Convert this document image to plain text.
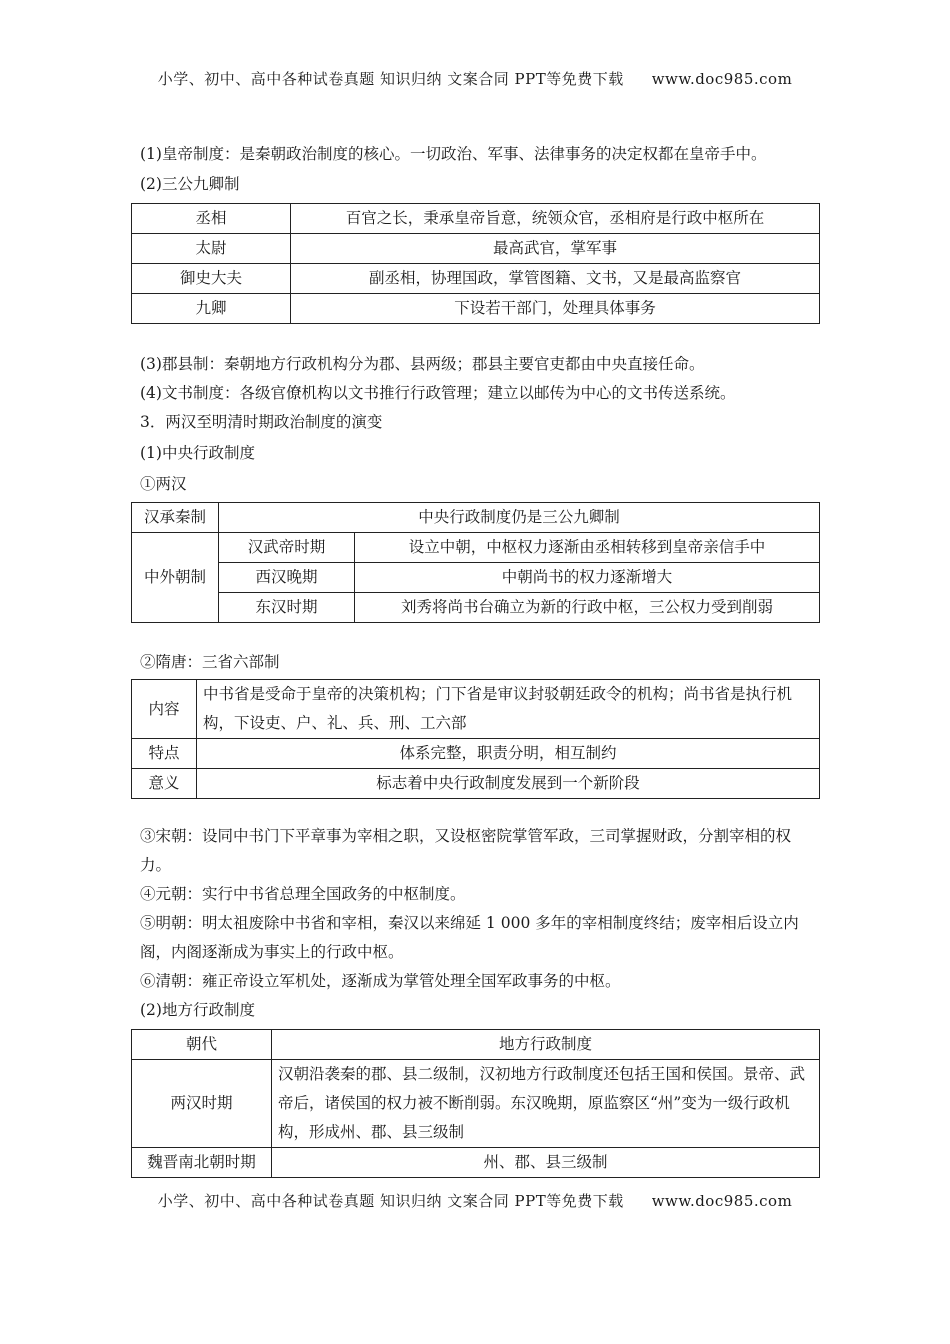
小学、初中、高中各种试卷真题 知识归纳 文案合同 PPT等免费下载 www.doc985.com

(1)皇帝制度：是秦朝政治制度的核心。一切政治、军事、法律事务的决定权都在皇帝手中。

(2)三公九卿制

丞相	百官之长，秉承皇帝旨意，统领众官，丞相府是行政中枢所在
太尉	最高武官，掌军事
御史大夫	副丞相，协理国政，掌管图籍、文书，又是最高监察官
九卿	下设若干部门，处理具体事务

(3)郡县制：秦朝地方行政机构分为郡、县两级；郡县主要官吏都由中央直接任命。

(4)文书制度：各级官僚机构以文书推行行政管理；建立以邮传为中心的文书传送系统。

3．两汉至明清时期政治制度的演变

(1)中央行政制度

①两汉

汉承秦制	中央行政制度仍是三公九卿制	
中外朝制	汉武帝时期	设立中朝，中枢权力逐渐由丞相转移到皇帝亲信手中
	西汉晚期	中朝尚书的权力逐渐增大
	东汉时期	刘秀将尚书台确立为新的行政中枢，三公权力受到削弱

②隋唐：三省六部制

内容	中书省是受命于皇帝的决策机构；门下省是审议封驳朝廷政令的机构；尚书省是执行机构，下设吏、户、礼、兵、刑、工六部
特点	体系完整，职责分明，相互制约
意义	标志着中央行政制度发展到一个新阶段

③宋朝：设同中书门下平章事为宰相之职，又设枢密院掌管军政，三司掌握财政，分割宰相的权力。

④元朝：实行中书省总理全国政务的中枢制度。

⑤明朝：明太祖废除中书省和宰相，秦汉以来绵延 1 000 多年的宰相制度终结；废宰相后设立内阁，内阁逐渐成为事实上的行政中枢。

⑥清朝：雍正帝设立军机处，逐渐成为掌管处理全国军政事务的中枢。

(2)地方行政制度

朝代	地方行政制度
两汉时期	汉朝沿袭秦的郡、县二级制，汉初地方行政制度还包括王国和侯国。景帝、武帝后，诸侯国的权力被不断削弱。东汉晚期，原监察区“州”变为一级行政机构，形成州、郡、县三级制
魏晋南北朝时期	州、郡、县三级制
小学、初中、高中各种试卷真题 知识归纳 文案合同 PPT等免费下载 www.doc985.com
